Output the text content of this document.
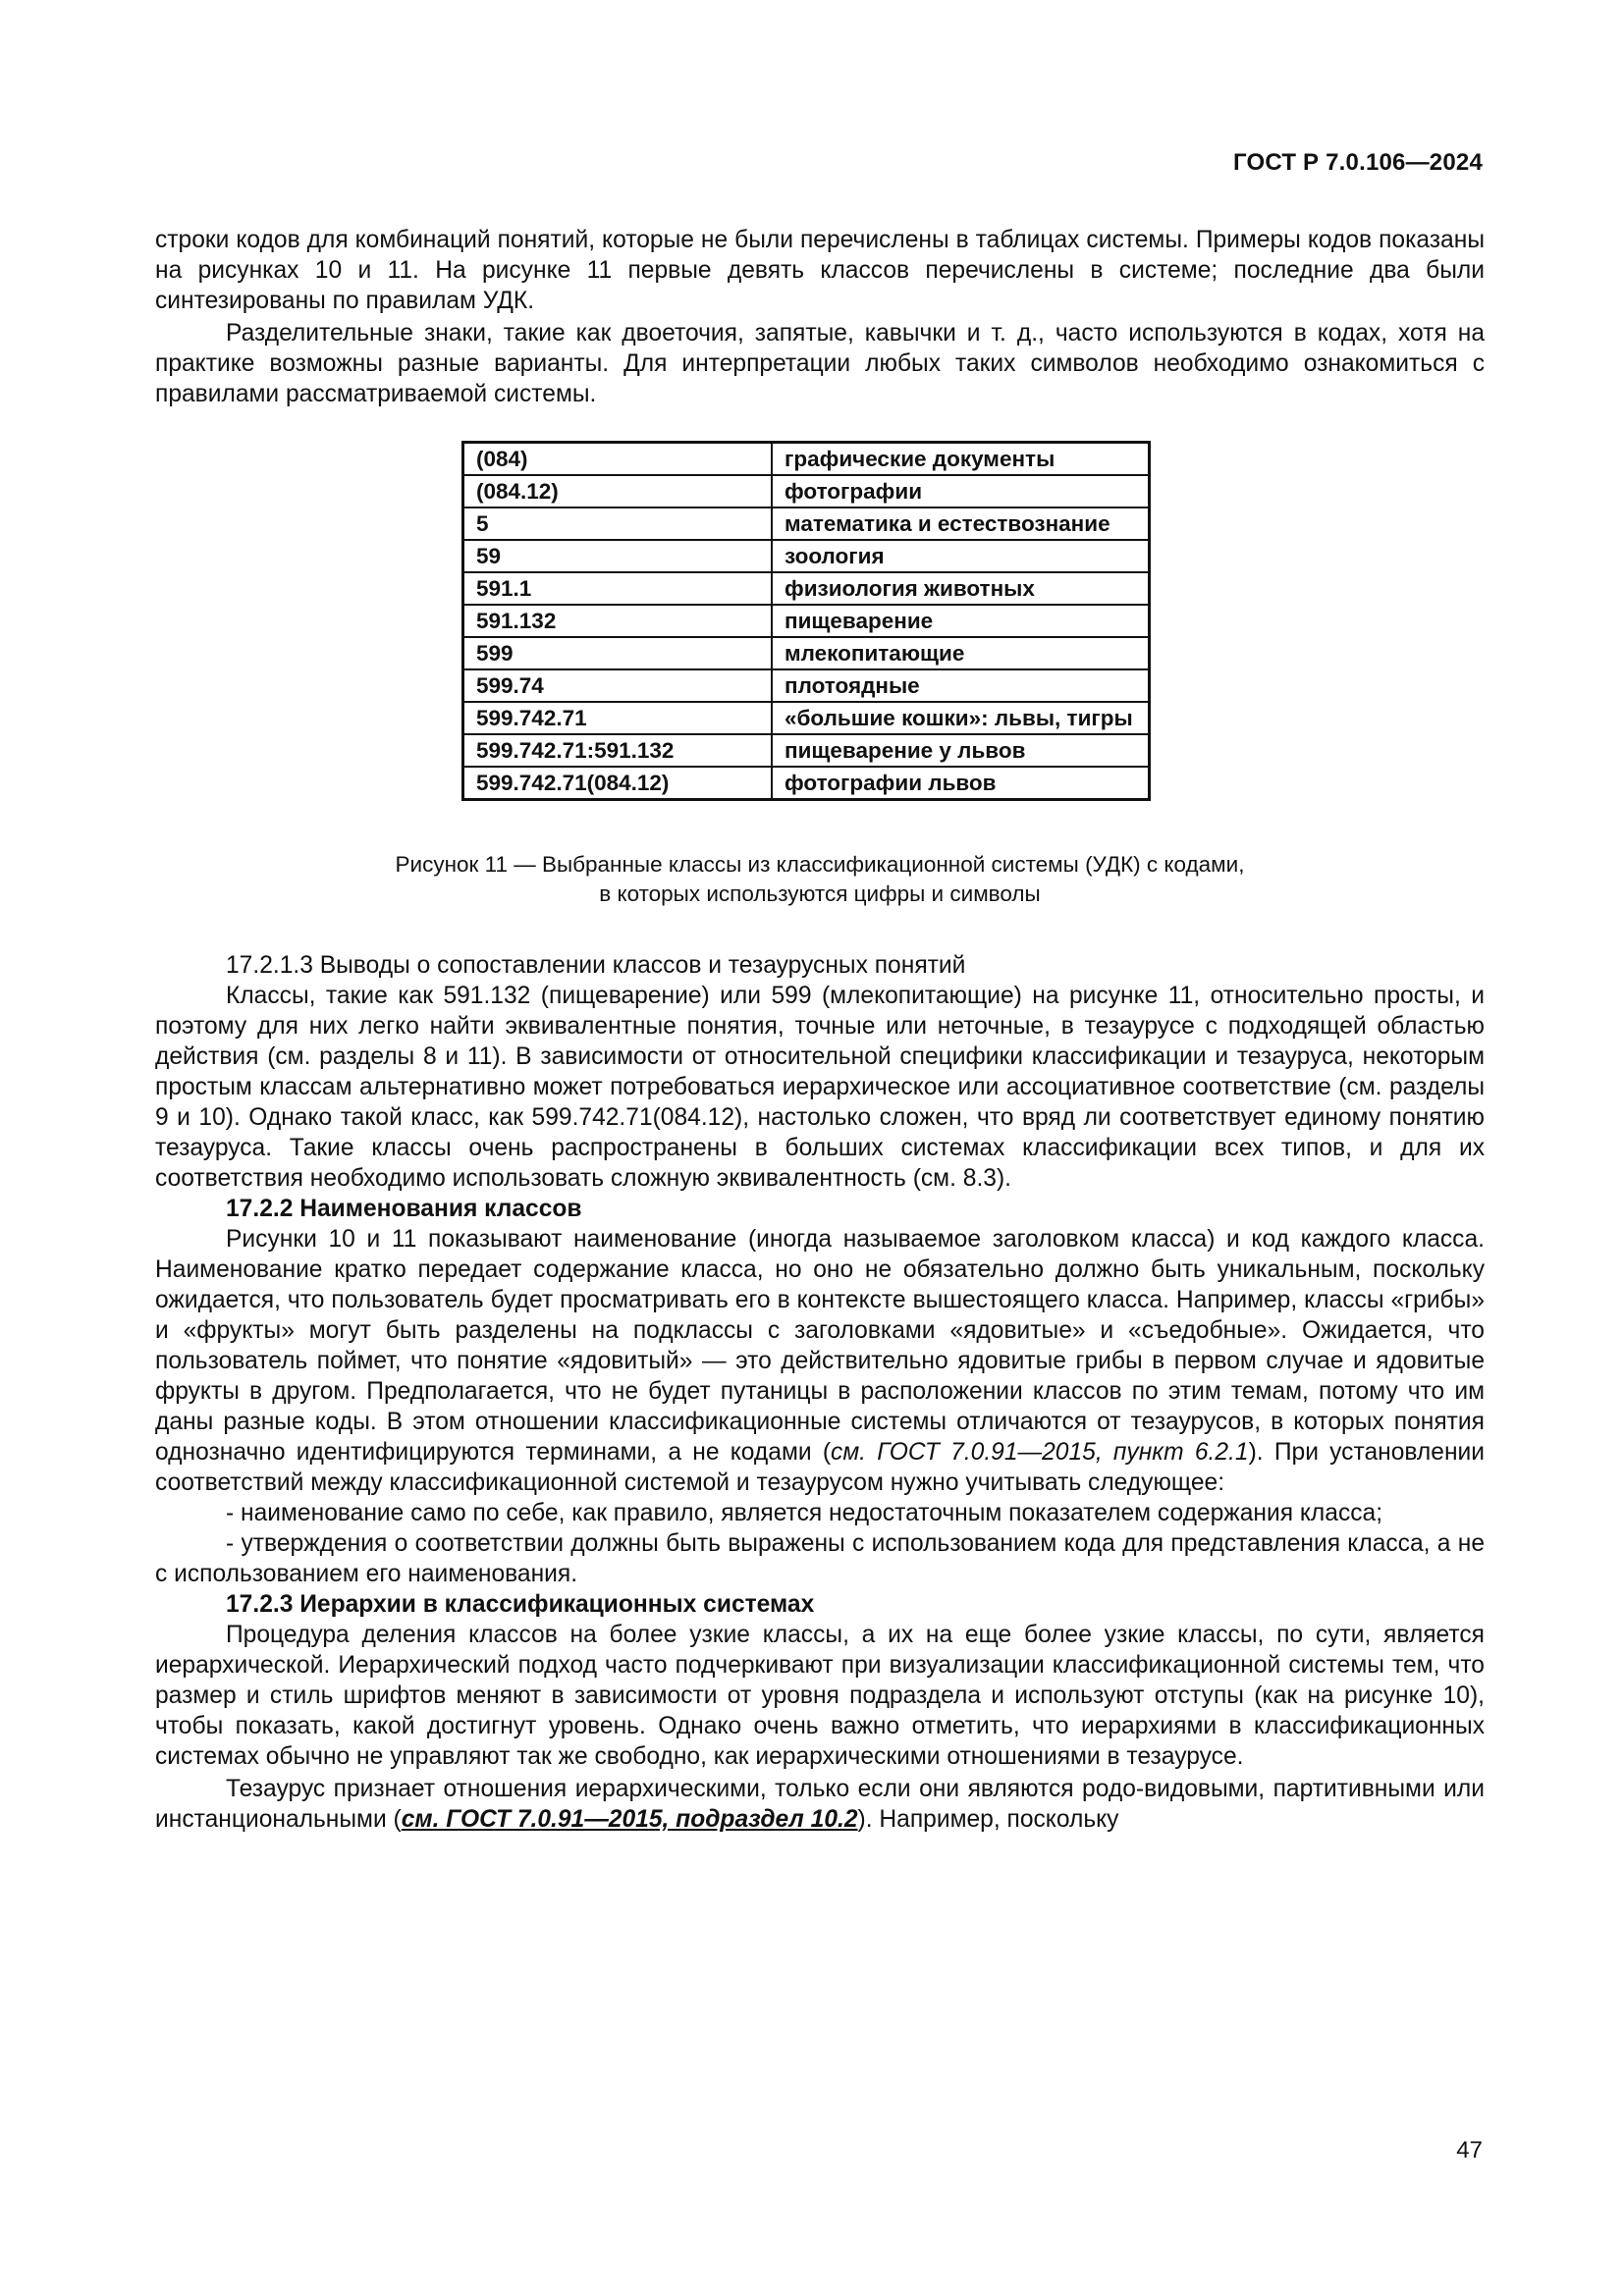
ГОСТ Р 7.0.106—2024

строки кодов для комбинаций понятий, которые не были перечислены в таблицах системы. Примеры кодов показаны на рисунках 10 и 11. На рисунке 11 первые девять классов перечислены в системе; последние два были синтезированы по правилам УДК.

Разделительные знаки, такие как двоеточия, запятые, кавычки и т. д., часто используются в кодах, хотя на практике возможны разные варианты. Для интерпретации любых таких символов необходимо ознакомиться с правилами рассматриваемой системы.

(084)	графические документы
(084.12)	фотографии
5	математика и естествознание
59	зоология
591.1	физиология животных
591.132	пищеварение
599	млекопитающие
599.74	плотоядные
599.742.71	«большие кошки»: львы, тигры
599.742.71:591.132	пищеварение у львов
599.742.71(084.12)	фотографии львов
Рисунок 11 — Выбранные классы из классификационной системы (УДК) с кодами,
в которых используются цифры и символы

17.2.1.3 Выводы о сопоставлении классов и тезаурусных понятий

Классы, такие как 591.132 (пищеварение) или 599 (млекопитающие) на рисунке 11, относительно просты, и поэтому для них легко найти эквивалентные понятия, точные или неточные, в тезаурусе с подходящей областью действия (см. разделы 8 и 11). В зависимости от относительной специфики классификации и тезауруса, некоторым простым классам альтернативно может потребоваться иерархическое или ассоциативное соответствие (см. разделы 9 и 10). Однако такой класс, как 599.742.71(084.12), настолько сложен, что вряд ли соответствует единому понятию тезауруса. Такие классы очень распространены в больших системах классификации всех типов, и для их соответствия необходимо использовать сложную эквивалентность (см. 8.3).

17.2.2 Наименования классов

Рисунки 10 и 11 показывают наименование (иногда называемое заголовком класса) и код каждого класса. Наименование кратко передает содержание класса, но оно не обязательно должно быть уникальным, поскольку ожидается, что пользователь будет просматривать его в контексте вышестоящего класса. Например, классы «грибы» и «фрукты» могут быть разделены на подклассы с заголовками «ядовитые» и «съедобные». Ожидается, что пользователь поймет, что понятие «ядовитый» — это действительно ядовитые грибы в первом случае и ядовитые фрукты в другом. Предполагается, что не будет путаницы в расположении классов по этим темам, потому что им даны разные коды. В этом отношении классификационные системы отличаются от тезаурусов, в которых понятия однозначно идентифицируются терминами, а не кодами (см. ГОСТ 7.0.91—2015, пункт 6.2.1). При установлении соответствий между классификационной системой и тезаурусом нужно учитывать следующее:

- наименование само по себе, как правило, является недостаточным показателем содержания класса;

- утверждения о соответствии должны быть выражены с использованием кода для представления класса, а не с использованием его наименования.

17.2.3 Иерархии в классификационных системах

Процедура деления классов на более узкие классы, а их на еще более узкие классы, по сути, является иерархической. Иерархический подход часто подчеркивают при визуализации классификационной системы тем, что размер и стиль шрифтов меняют в зависимости от уровня подраздела и используют отступы (как на рисунке 10), чтобы показать, какой достигнут уровень. Однако очень важно отметить, что иерархиями в классификационных системах обычно не управляют так же свободно, как иерархическими отношениями в тезаурусе.

Тезаурус признает отношения иерархическими, только если они являются родо-видовыми, партитивными или инстанциональными (см. ГОСТ 7.0.91—2015, подраздел 10.2). Например, поскольку

47
